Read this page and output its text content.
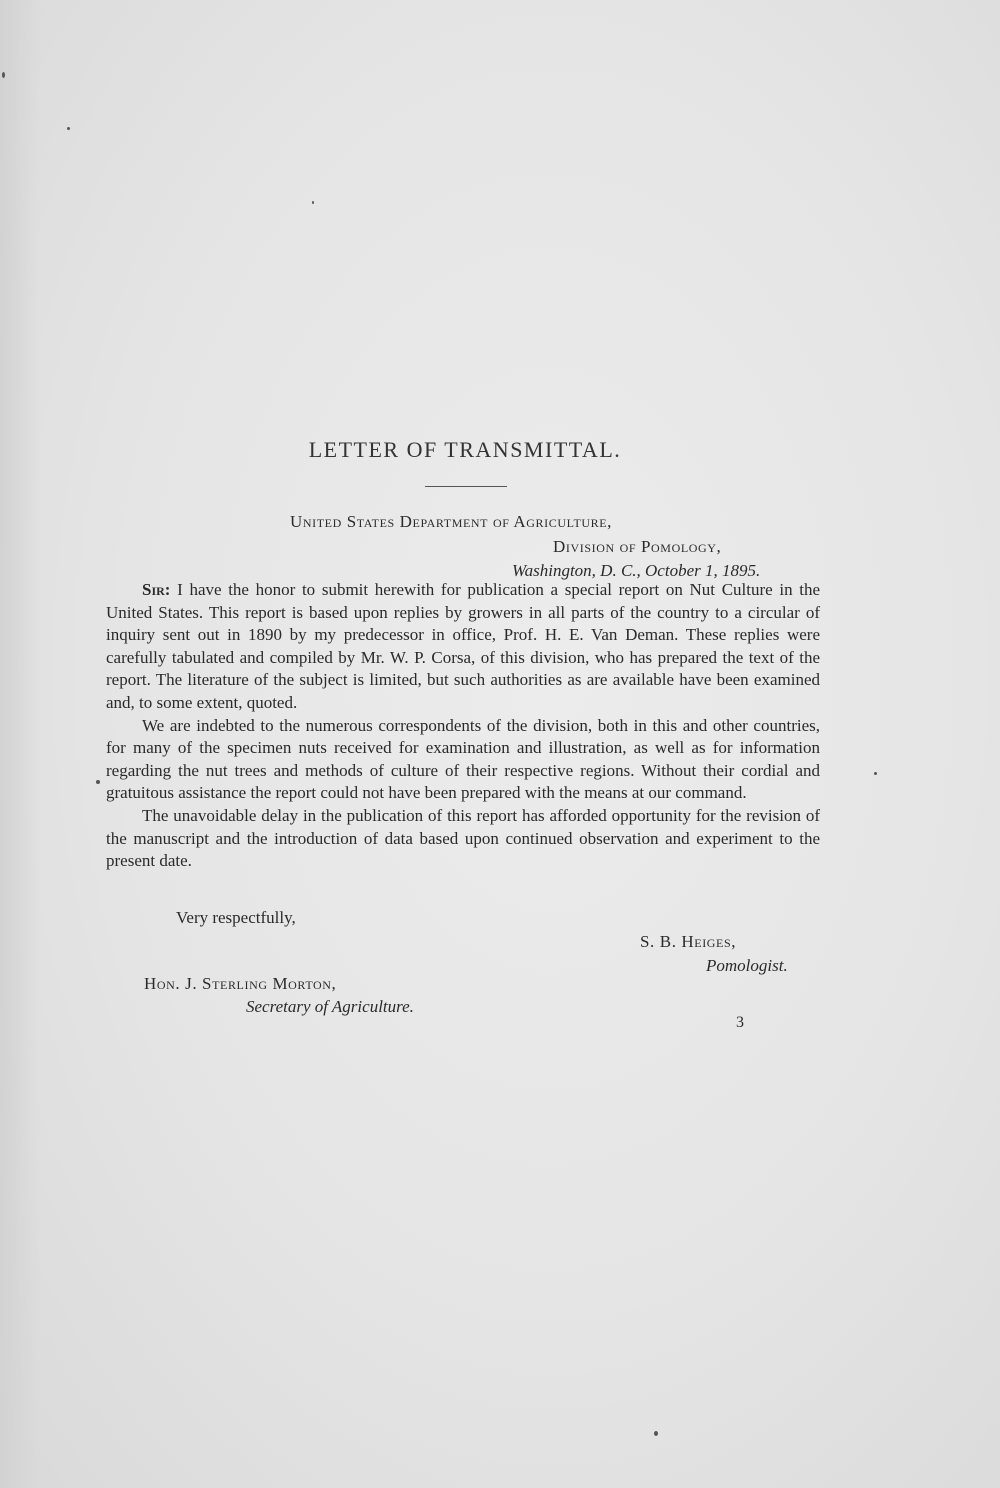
LETTER OF TRANSMITTAL.
United States Department of Agriculture,
Division of Pomology,
Washington, D. C., October 1, 1895.

Sir: I have the honor to submit herewith for publication a special report on Nut Culture in the United States. This report is based upon replies by growers in all parts of the country to a circular of inquiry sent out in 1890 by my predecessor in office, Prof. H. E. Van Deman. These replies were carefully tabulated and compiled by Mr. W. P. Corsa, of this division, who has prepared the text of the report. The literature of the subject is limited, but such authorities as are available have been examined and, to some extent, quoted.

We are indebted to the numerous correspondents of the division, both in this and other countries, for many of the specimen nuts received for examination and illustration, as well as for information regarding the nut trees and methods of culture of their respective regions. Without their cordial and gratuitous assistance the report could not have been prepared with the means at our command.

The unavoidable delay in the publication of this report has afforded opportunity for the revision of the manuscript and the introduction of data based upon continued observation and experiment to the present date.

Very respectfully,
S. B. Heiges,
Pomologist.
Hon. J. Sterling Morton,
Secretary of Agriculture.
3
